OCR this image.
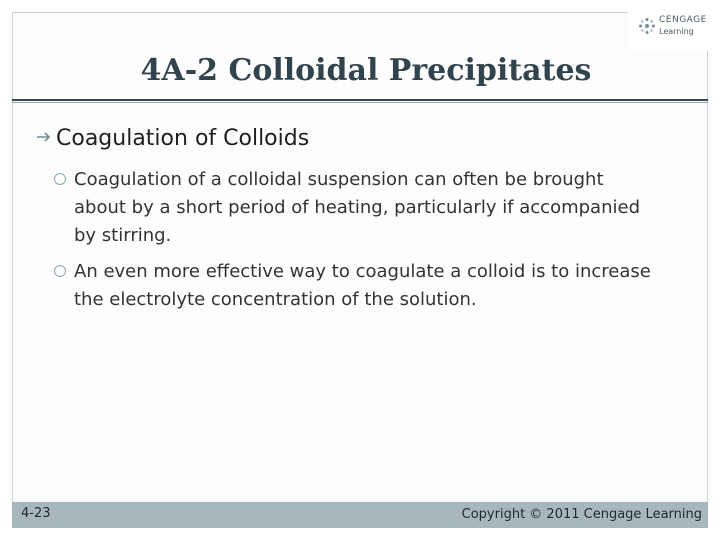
CENGAGE
Learning
4A-2 Colloidal Precipitates
Coagulation of Colloids
Coagulation of a colloidal suspension can often be brought about by a short period of heating, particularly if accompanied by stirring.
An even more effective way to coagulate a colloid is to increase the electrolyte concentration of the solution.
4-23	Copyright © 2011 Cengage Learning
